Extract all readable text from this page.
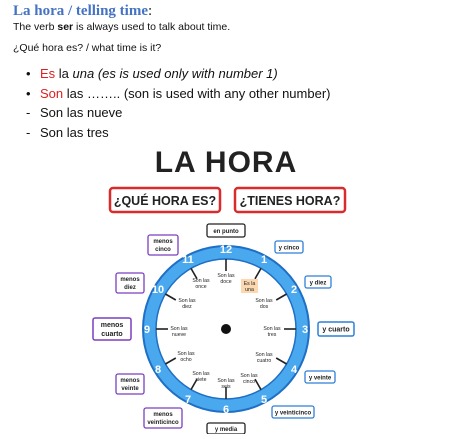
La hora / telling time:
The verb ser is always used to talk about time.
¿Qué hora es? / what time is it?
• Es la una (es is used only with number 1)
• Son las …….. (son is used with any other number)
- Son las nueve
- Son las tres
LA HORA
¿QUÉ HORA ES? ¿TIENES HORA?
12
1
2
3
4
5
6
7
8
9
10
11
Son las
doce Es la
una
Son las
dos
Son las
tres
Son las
cuatro
Son las
cinco
Son las
seis
Son las
siete
Son las
ocho
Son las
nueve
Son las
diez
Son las
once
en punto
y cinco
y diez
y cuarto
y veinte
y veinticinco
y media
menos
veinticinco
menos
veinte
menos
cuarto
menos
diez
menos
cinco
